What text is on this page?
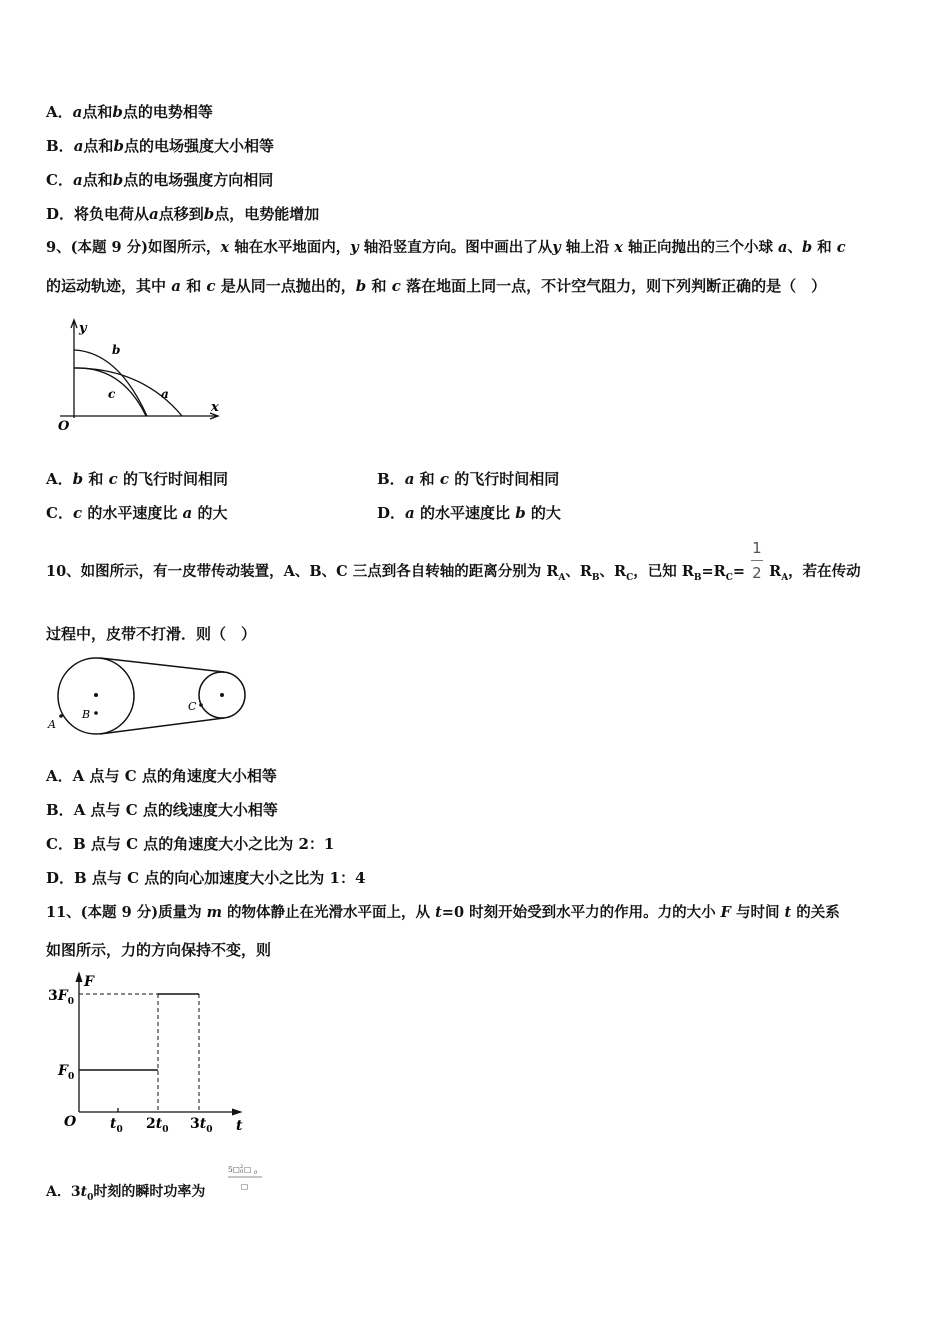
A．a点和b点的电势相等
B．a点和b点的电场强度大小相等
C．a点和b点的电场强度方向相同
D．将负电荷从a点移到b点，电势能增加
9、(本题 9 分)如图所示，x 轴在水平地面内，y 轴沿竖直方向。图中画出了从y 轴上沿 x 轴正向抛出的三个小球 a、b 和 c
的运动轨迹，其中 a 和 c 是从同一点抛出的，b 和 c 落在地面上同一点，不计空气阻力，则下列判断正确的是（　）
y
x
O
b
c	a
A．b 和 c 的飞行时间相同	B．a 和 c 的飞行时间相同
C．c 的水平速度比 a 的大	D．a 的水平速度比 b 的大
10、如图所示，有一皮带传动装置，A、B、C 三点到各自转轴的距离分别为 $R_A$、$R_B$、$R_C$，已知 $R_B=R_C= \frac{1}{2} R_A$，若在传动
过程中，皮带不打滑．则（　）
A
B
C
A．A 点与 C 点的角速度大小相等
B．A 点与 C 点的线速度大小相等
C．B 点与 C 点的角速度大小之比为 2：1
D．B 点与 C 点的向心加速度大小之比为 1：4
11、(本题 9 分)质量为 m 的物体静止在光滑水平面上，从 t=0 时刻开始受到水平力的作用。力的大小 F 与时间 t 的关系
如图所示，力的方向保持不变，则
F
t
O
$3F_0$
$F_0$
$t_0$ $2t_0$ $3t_0$
A．$3t_0$时刻的瞬时功率为
5□ 2
0 □ 0
□
